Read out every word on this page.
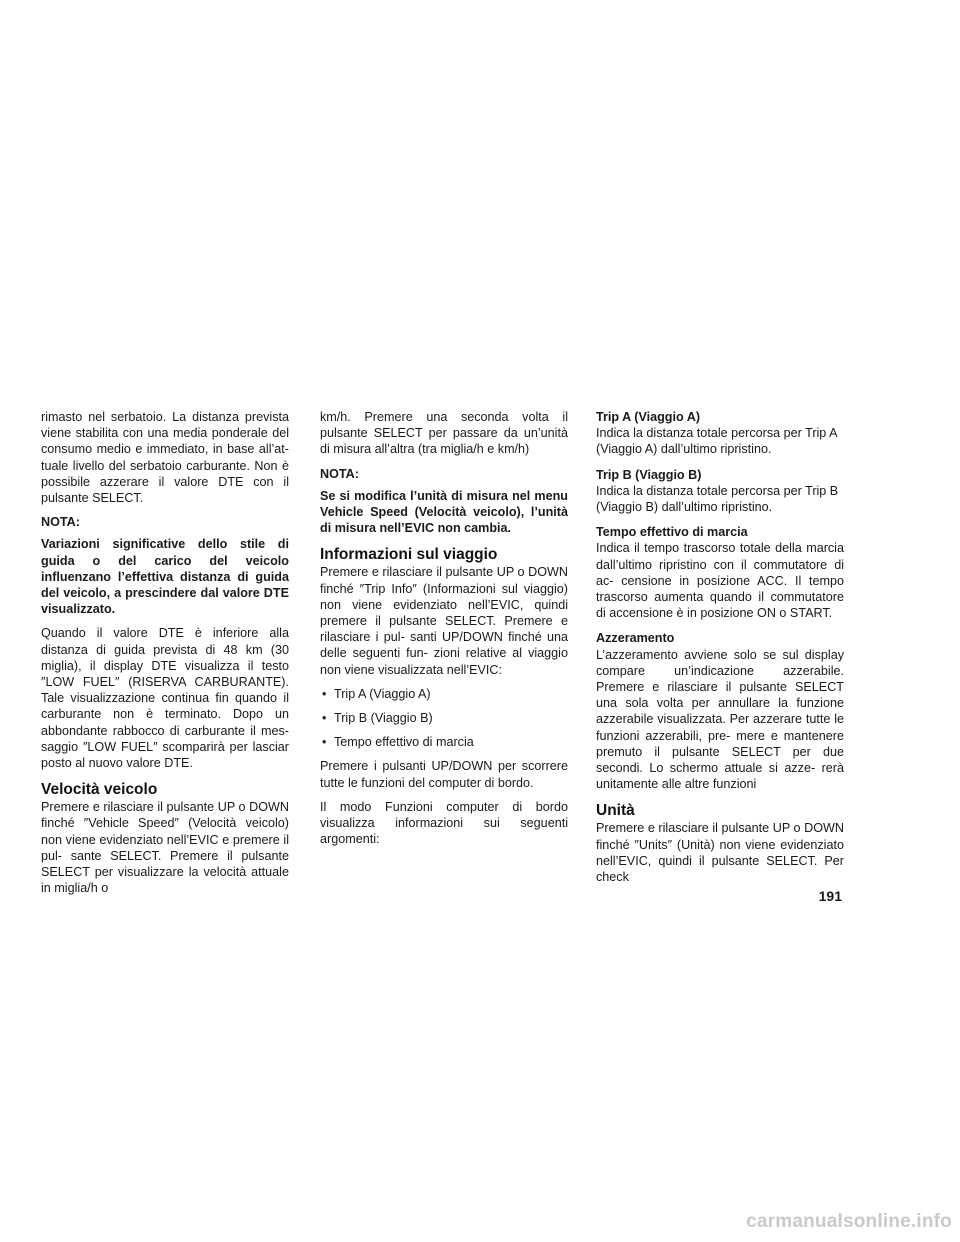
rimasto nel serbatoio. La distanza prevista viene stabilita con una media ponderale del consumo medio e immediato, in base all’at- tuale livello del serbatoio carburante. Non è possibile azzerare il valore DTE con il pulsante SELECT.

NOTA:

Variazioni significative dello stile di guida o del carico del veicolo influenzano l’effettiva distanza di guida del veicolo, a prescindere dal valore DTE visualizzato.

Quando il valore DTE è inferiore alla distanza di guida prevista di 48 km (30 miglia), il display DTE visualizza il testo ″LOW FUEL″ (RISERVA CARBURANTE). Tale visualizzazione continua fin quando il carburante non è terminato. Dopo un abbondante rabbocco di carburante il mes- saggio ″LOW FUEL″ scomparirà per lasciar posto al nuovo valore DTE.

Velocità veicolo

Premere e rilasciare il pulsante UP o DOWN finché ″Vehicle Speed″ (Velocità veicolo) non viene evidenziato nell’EVIC e premere il pul- sante SELECT. Premere il pulsante SELECT per visualizzare la velocità attuale in miglia/h o

km/h. Premere una seconda volta il pulsante SELECT per passare da un’unità di misura all’altra (tra miglia/h e km/h)

NOTA:

Se si modifica l’unità di misura nel menu Vehicle Speed (Velocità veicolo), l’unità di misura nell’EVIC non cambia.

Informazioni sul viaggio

Premere e rilasciare il pulsante UP o DOWN finché ″Trip Info″ (Informazioni sul viaggio) non viene evidenziato nell’EVIC, quindi premere il pulsante SELECT. Premere e rilasciare i pul- santi UP/DOWN finché una delle seguenti fun- zioni relative al viaggio non viene visualizzata nell’EVIC:

• Trip A (Viaggio A)
• Trip B (Viaggio B)
• Tempo effettivo di marcia

Premere i pulsanti UP/DOWN per scorrere tutte le funzioni del computer di bordo.

Il modo Funzioni computer di bordo visualizza informazioni sui seguenti argomenti:

Trip A (Viaggio A)

Indica la distanza totale percorsa per Trip A (Viaggio A) dall’ultimo ripristino.

Trip B (Viaggio B)

Indica la distanza totale percorsa per Trip B (Viaggio B) dall’ultimo ripristino.

Tempo effettivo di marcia

Indica il tempo trascorso totale della marcia dall’ultimo ripristino con il commutatore di ac- censione in posizione ACC. Il tempo trascorso aumenta quando il commutatore di accensione è in posizione ON o START.

Azzeramento

L’azzeramento avviene solo se sul display compare un’indicazione azzerabile. Premere e rilasciare il pulsante SELECT una sola volta per annullare la funzione azzerabile visualizzata. Per azzerare tutte le funzioni azzerabili, pre- mere e mantenere premuto il pulsante SELECT per due secondi. Lo schermo attuale si azze- rerà unitamente alle altre funzioni

Unità

Premere e rilasciare il pulsante UP o DOWN finché ″Units″ (Unità) non viene evidenziato nell’EVIC, quindi il pulsante SELECT. Per check

191
carmanualsonline.info
